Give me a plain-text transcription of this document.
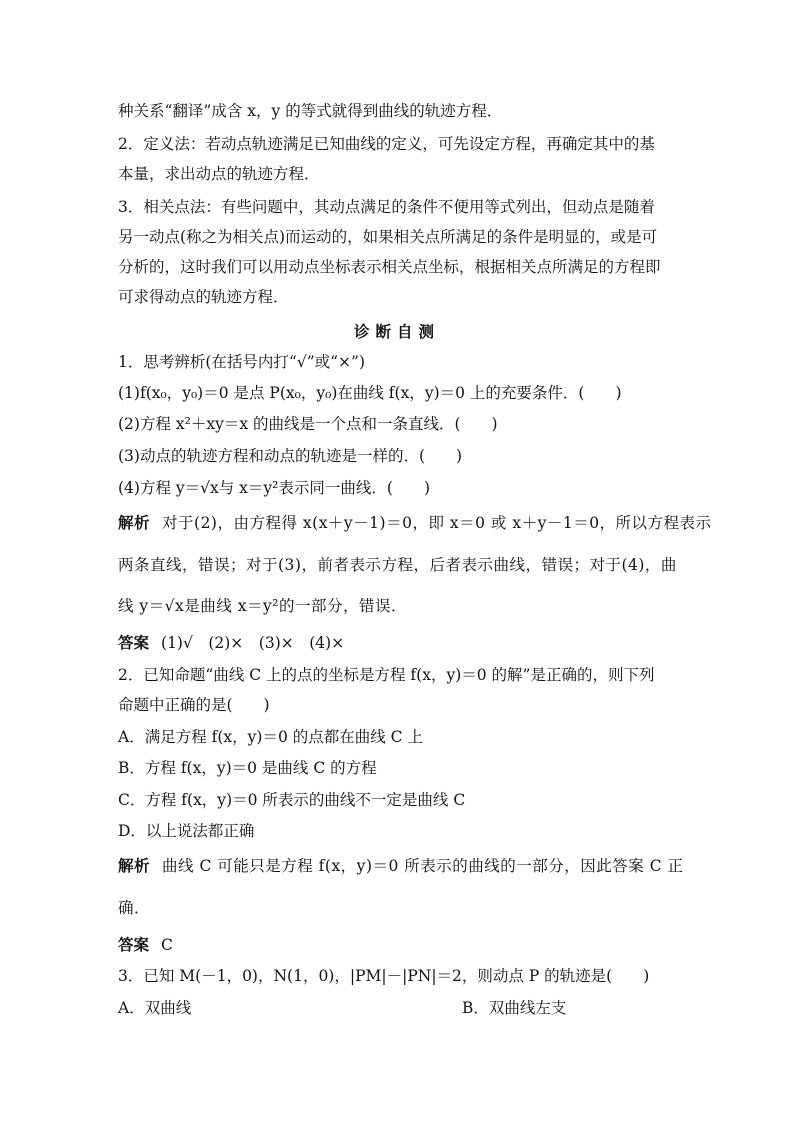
种关系“翻译”成含 x，y 的等式就得到曲线的轨迹方程．

2．定义法：若动点轨迹满足已知曲线的定义，可先设定方程，再确定其中的基

本量，求出动点的轨迹方程．

3．相关点法：有些问题中，其动点满足的条件不便用等式列出，但动点是随着

另一动点(称之为相关点)而运动的，如果相关点所满足的条件是明显的，或是可

分析的，这时我们可以用动点坐标表示相关点坐标，根据相关点所满足的方程即

可求得动点的轨迹方程．

诊断自测

1．思考辨析(在括号内打“√”或“×”)

(1)f(x₀，y₀)＝0 是点 P(x₀，y₀)在曲线 f(x，y)＝0 上的充要条件．(　　)

(2)方程 x²＋xy＝x 的曲线是一个点和一条直线．(　　)

(3)动点的轨迹方程和动点的轨迹是一样的．(　　)

(4)方程 y＝√x与 x＝y²表示同一曲线．(　　)

解析 对于(2)，由方程得 x(x＋y－1)＝0，即 x＝0 或 x＋y－1＝0，所以方程表示

两条直线，错误；对于(3)，前者表示方程，后者表示曲线，错误；对于(4)，曲

线 y＝√x是曲线 x＝y²的一部分，错误．

答案 (1)√　(2)×　(3)×　(4)×

2．已知命题“曲线 C 上的点的坐标是方程 f(x，y)＝0 的解”是正确的，则下列

命题中正确的是(　　)

A．满足方程 f(x，y)＝0 的点都在曲线 C 上

B．方程 f(x，y)＝0 是曲线 C 的方程

C．方程 f(x，y)＝0 所表示的曲线不一定是曲线 C

D．以上说法都正确

解析 曲线 C 可能只是方程 f(x，y)＝0 所表示的曲线的一部分，因此答案 C 正

确．

答案 C

3．已知 M(－1，0)，N(1，0)，|PM|－|PN|＝2，则动点 P 的轨迹是(　　)

A．双曲线	B．双曲线左支
